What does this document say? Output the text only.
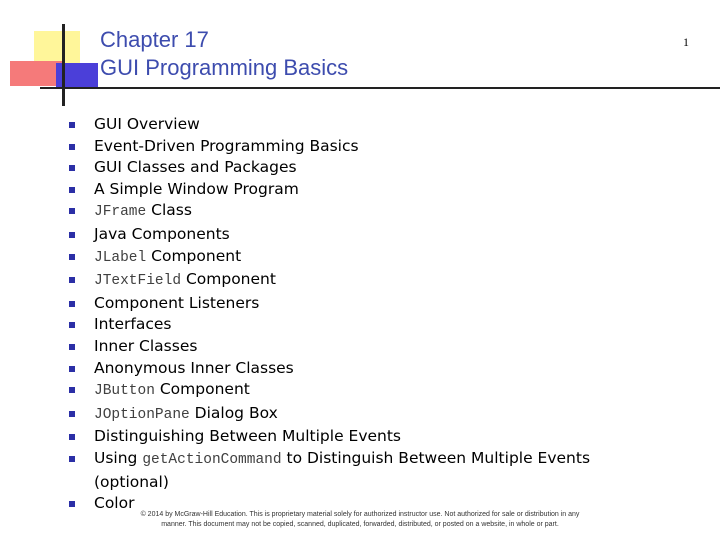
Chapter 17
GUI Programming Basics
1
GUI Overview
Event-Driven Programming Basics
GUI Classes and Packages
A Simple Window Program
JFrame Class
Java Components
JLabel Component
JTextField Component
Component Listeners
Interfaces
Inner Classes
Anonymous Inner Classes
JButton Component
JOptionPane Dialog Box
Distinguishing Between Multiple Events
Using getActionCommand to Distinguish Between Multiple Events (optional)
Color
© 2014 by McGraw-Hill Education. This is proprietary material solely for authorized instructor use. Not authorized for sale or distribution in any
manner. This document may not be copied, scanned, duplicated, forwarded, distributed, or posted on a website, in whole or part.
